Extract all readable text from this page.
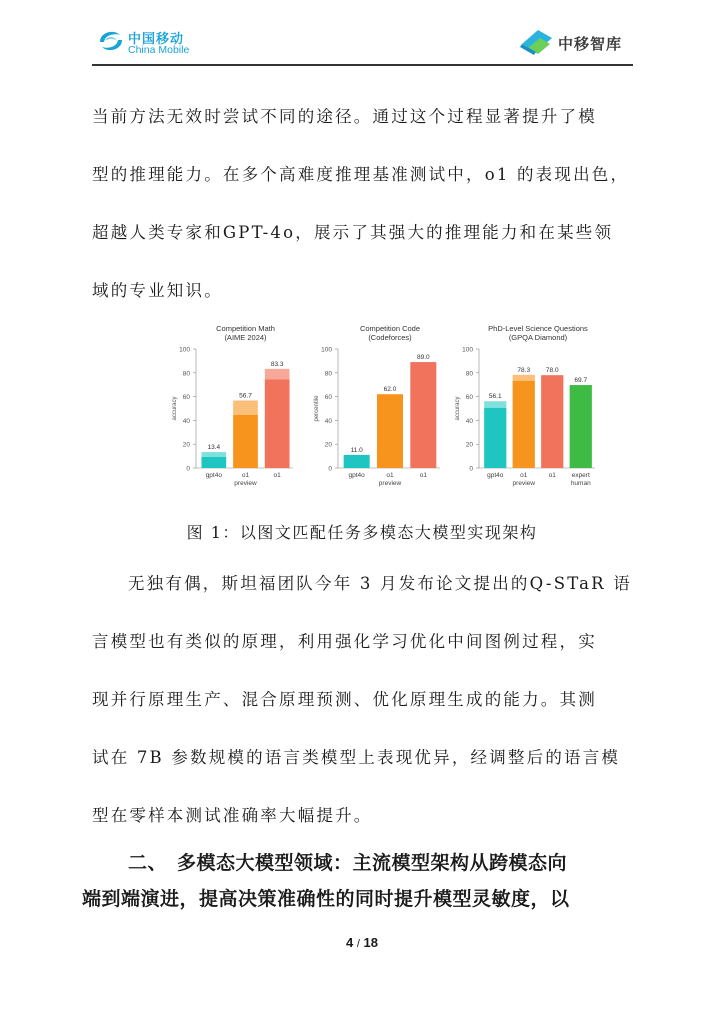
中国移动
China Mobile	中移智库

当前方法无效时尝试不同的途径。通过这个过程显著提升了模

型的推理能力。在多个高难度推理基准测试中，o1 的表现出色，

超越人类专家和GPT-4o，展示了其强大的推理能力和在某些领

域的专业知识。

Competition Math
(AIME 2024)
0
20
40
60
80
100
accuracy
13.4
gpt4o
56.7
o1
preview
83.3
o1
Competition Code
(Codeforces)
0
20
40
60
80
100
percentile
11.0
gpt4o
62.0
o1
preview
89.0
o1
PhD-Level Science Questions
(GPQA Diamond)
0
20
40
60
80
100
accuracy	56.1
gpt4o
78.3
o1
preview
78.0
o1
69.7
expert
human
图 1：以图文匹配任务多模态大模型实现架构

无独有偶，斯坦福团队今年 3 月发布论文提出的Q-STaR 语

言模型也有类似的原理，利用强化学习优化中间图例过程，实

现并行原理生产、混合原理预测、优化原理生成的能力。其测

试在 7B 参数规模的语言类模型上表现优异，经调整后的语言模

型在零样本测试准确率大幅提升。

二、　多模态大模型领域：主流模型架构从跨模态向
端到端演进，提高决策准确性的同时提升模型灵敏度，以
4 / 18
